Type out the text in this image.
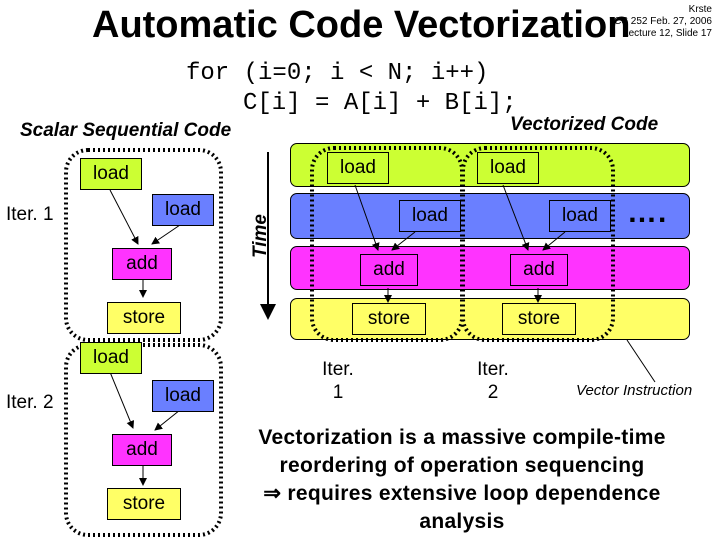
Automatic Code Vectorization	Krste
CS 252 Feb. 27, 2006
Lecture 12, Slide 17
for (i=0; i < N; i++)
C[i] = A[i] + B[i];
Scalar Sequential Code	Vectorized Code
Time
Iter. 1
load
load
add
store
Iter. 2
load
load
add
store
load	load
load	load
add	add
store	store
….
Iter.
1
Iter.
2	Vector Instruction
Vectorization is a massive compile-time
reordering of operation sequencing
⇒ requires extensive loop dependence
analysis
